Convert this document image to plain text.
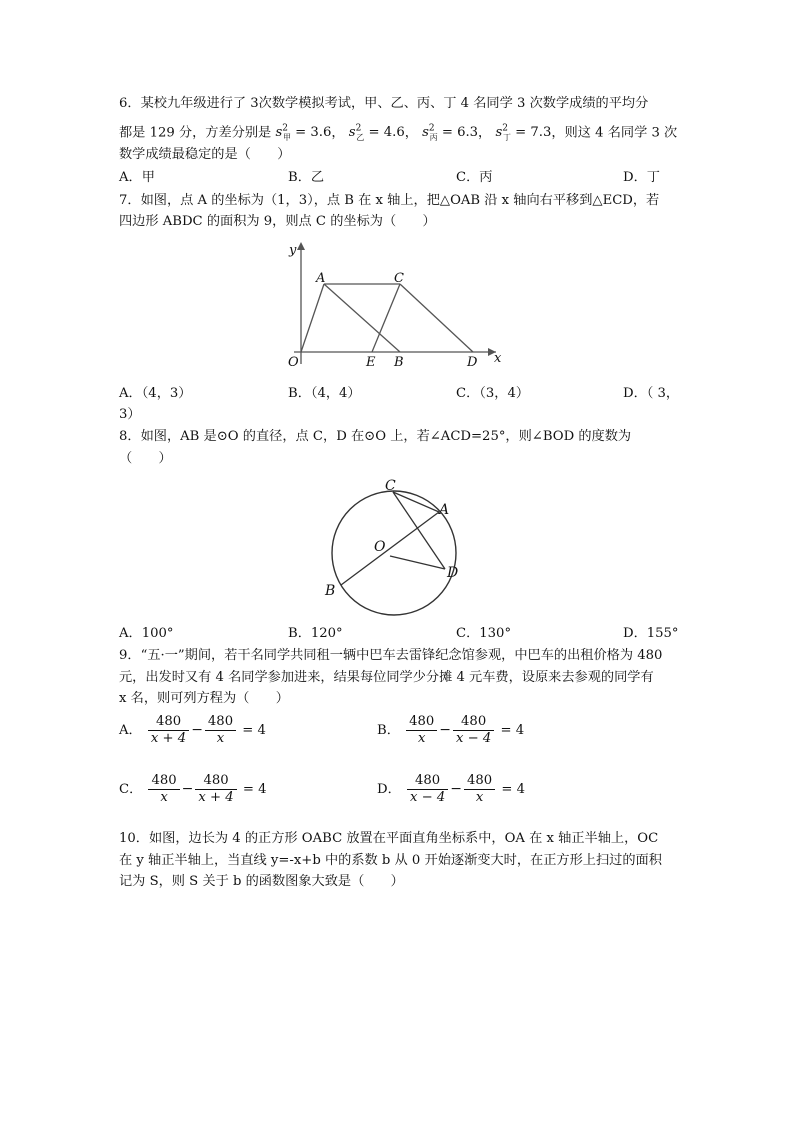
6．某校九年级进行了 3次数学模拟考试，甲、乙、丙、丁 4 名同学 3 次数学成绩的平均分
都是 129 分，方差分别是 $s^2_甲 = 3.6$， $s^2_乙 = 4.6$， $s^2_丙 = 6.3$， $s^2_丁 = 7.3$，则这 4 名同学 3 次
数学成绩最稳定的是（　　）
A．甲	B．乙	C．丙	D．丁
7．如图，点 A 的坐标为（1，3），点 B 在 x 轴上，把△OAB 沿 x 轴向右平移到△ECD，若
四边形 ABDC 的面积为 9，则点 C 的坐标为（　　）
y
A	C
O	E B	D x
A．（4，3）	B．（4，4）	C．（3，4）	D．（ 3，
3）
8．如图，AB 是⊙O 的直径，点 C，D 在⊙O 上，若∠ACD=25°，则∠BOD 的度数为
（　　）
C
A
O
D
B
A．100°	B．120°	C．130°	D．155°
9．“五·一”期间，若干名同学共同租一辆中巴车去雷锋纪念馆参观，中巴车的出租价格为 480
元，出发时又有 4 名同学参加进来，结果每位同学少分摊 4 元车费，设原来去参观的同学有
x 名，则可列方程为（　　）
A． $\frac{480}{x + 4} - \frac{480}{x} = 4$	B． $\frac{480}{x} - \frac{480}{x - 4} = 4$
C． $\frac{480}{x} - \frac{480}{x + 4} = 4$	D． $\frac{480}{x - 4} - \frac{480}{x} = 4$
10．如图，边长为 4 的正方形 OABC 放置在平面直角坐标系中，OA 在 x 轴正半轴上，OC
在 y 轴正半轴上，当直线 y=-x+b 中的系数 b 从 0 开始逐渐变大时，在正方形上扫过的面积
记为 S，则 S 关于 b 的函数图象大致是（　　）
